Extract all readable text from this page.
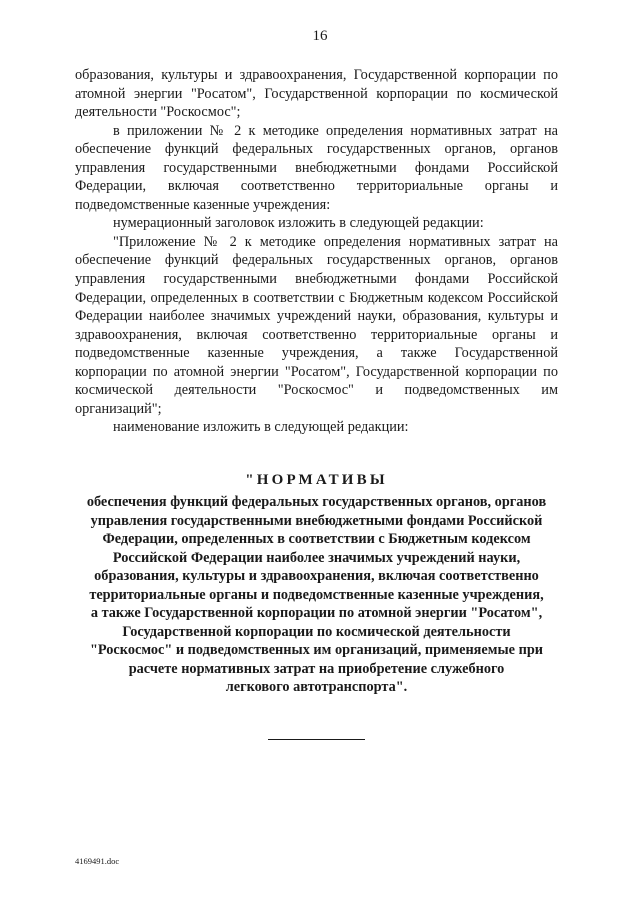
16

образования, культуры и здравоохранения, Государственной корпорации по атомной энергии "Росатом", Государственной корпорации по космической деятельности "Роскосмос";

в приложении № 2 к методике определения нормативных затрат на обеспечение функций федеральных государственных органов, органов управления государственными внебюджетными фондами Российской Федерации, включая соответственно территориальные органы и подведомственные казенные учреждения:

нумерационный заголовок изложить в следующей редакции:

"Приложение № 2 к методике определения нормативных затрат на обеспечение функций федеральных государственных органов, органов управления государственными внебюджетными фондами Российской Федерации, определенных в соответствии с Бюджетным кодексом Российской Федерации наиболее значимых учреждений науки, образования, культуры и здравоохранения, включая соответственно территориальные органы и подведомственные казенные учреждения, а также Государственной корпорации по атомной энергии "Росатом", Государственной корпорации по космической деятельности "Роскосмос" и подведомственных им организаций";

наименование изложить в следующей редакции:

"НОРМАТИВЫ
обеспечения функций федеральных государственных органов, органов
управления государственными внебюджетными фондами Российской
Федерации, определенных в соответствии с Бюджетным кодексом
Российской Федерации наиболее значимых учреждений науки,
образования, культуры и здравоохранения, включая соответственно
территориальные органы и подведомственные казенные учреждения,
а также Государственной корпорации по атомной энергии "Росатом",
Государственной корпорации по космической деятельности
"Роскосмос" и подведомственных им организаций, применяемые при
расчете нормативных затрат на приобретение служебного
легкового автотранспорта".
4169491.doc
